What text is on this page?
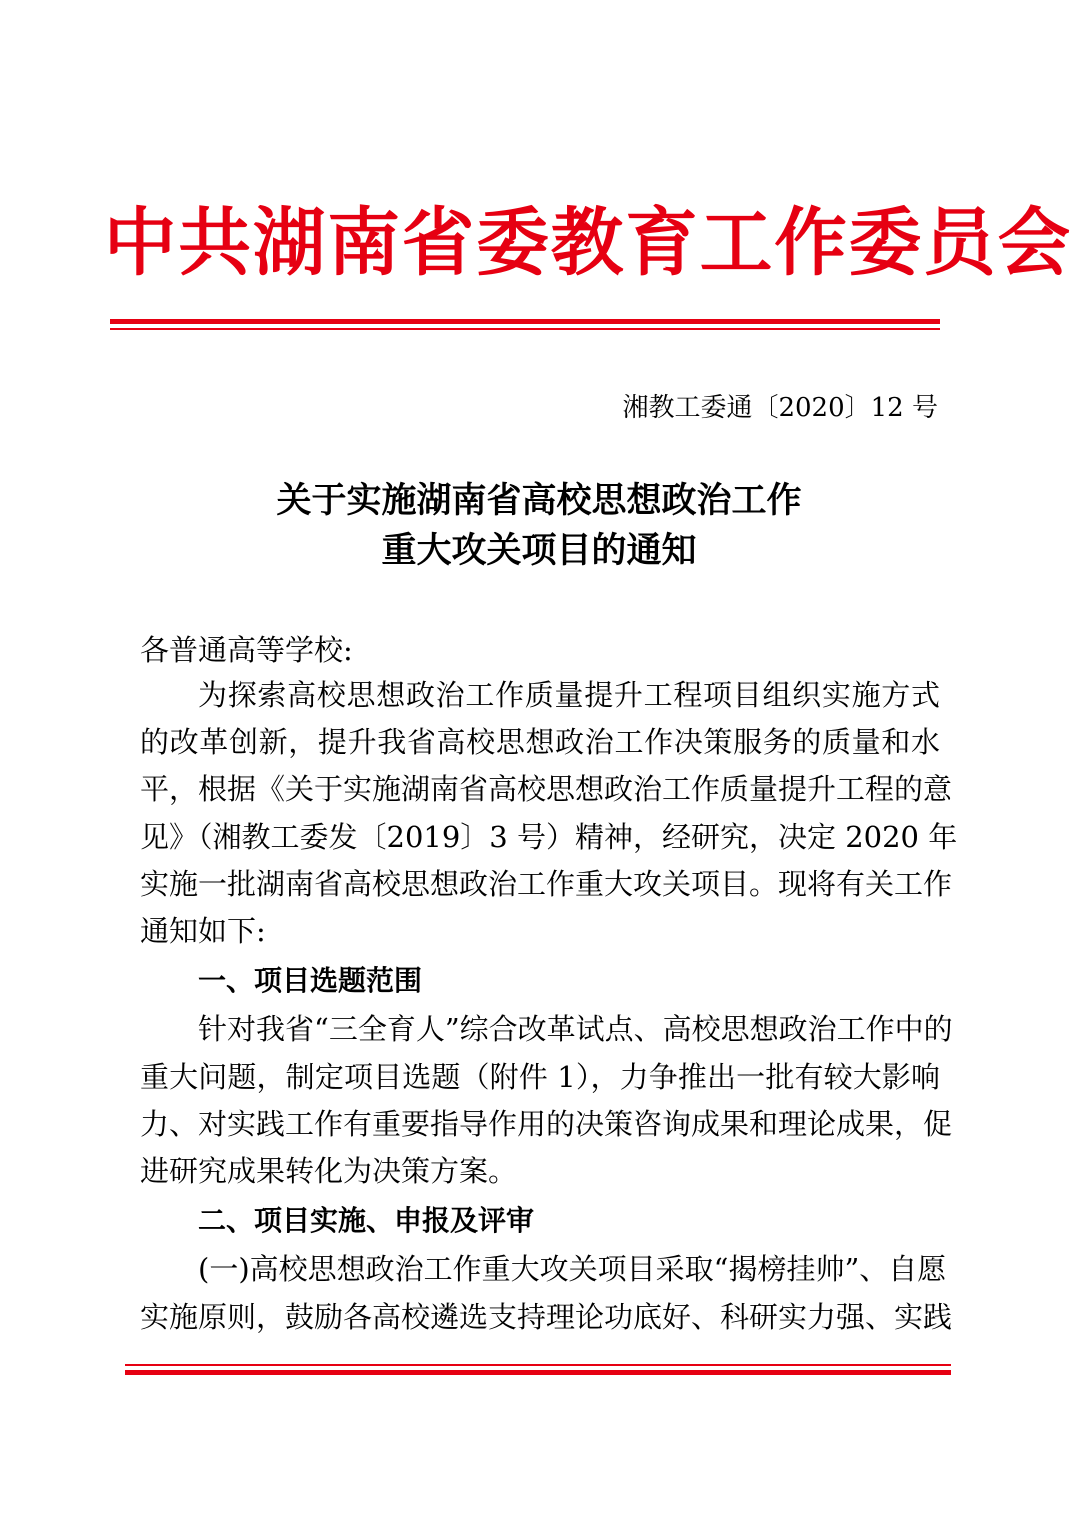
中共湖南省委教育工作委员会
湘教工委通〔2020〕12 号
关于实施湖南省高校思想政治工作
重大攻关项目的通知
各普通高等学校:
为探索高校思想政治工作质量提升工程项目组织实施方式
的改革创新，提升我省高校思想政治工作决策服务的质量和水
平，根据《关于实施湖南省高校思想政治工作质量提升工程的意
见》（湘教工委发〔2019〕3 号）精神，经研究，决定 2020 年
实施一批湖南省高校思想政治工作重大攻关项目。现将有关工作
通知如下:
一、项目选题范围
针对我省“三全育人”综合改革试点、高校思想政治工作中的
重大问题，制定项目选题（附件 1），力争推出一批有较大影响
力、对实践工作有重要指导作用的决策咨询成果和理论成果，促
进研究成果转化为决策方案。
二、项目实施、申报及评审
(一)高校思想政治工作重大攻关项目采取“揭榜挂帅”、自愿
实施原则，鼓励各高校遴选支持理论功底好、科研实力强、实践
